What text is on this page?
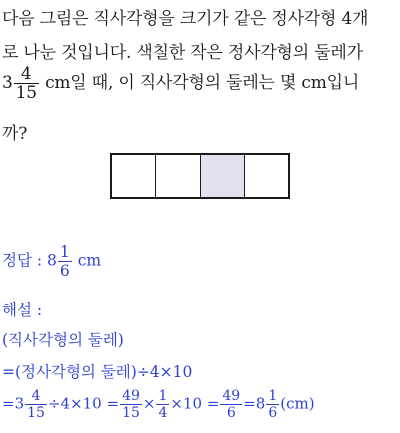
다음 그림은 직사각형을 크기가 같은 정사각형 4개
로 나눈 것입니다. 색칠한 작은 정사각형의 둘레가
$3 \frac{4}{15}$ cm일 때, 이 직사각형의 둘레는 몇 cm입니
까?
정답 : $8 \frac{1}{6}$ cm
해설 :
(직사각형의 둘레)
=(정사각형의 둘레)÷4×10
$=3 \frac{4}{15} \div 4\times 10 = \frac{49}{15} \times \frac{1}{4} \times 10 = \frac{49}{6} =8 \frac{1}{6} (cm)$
